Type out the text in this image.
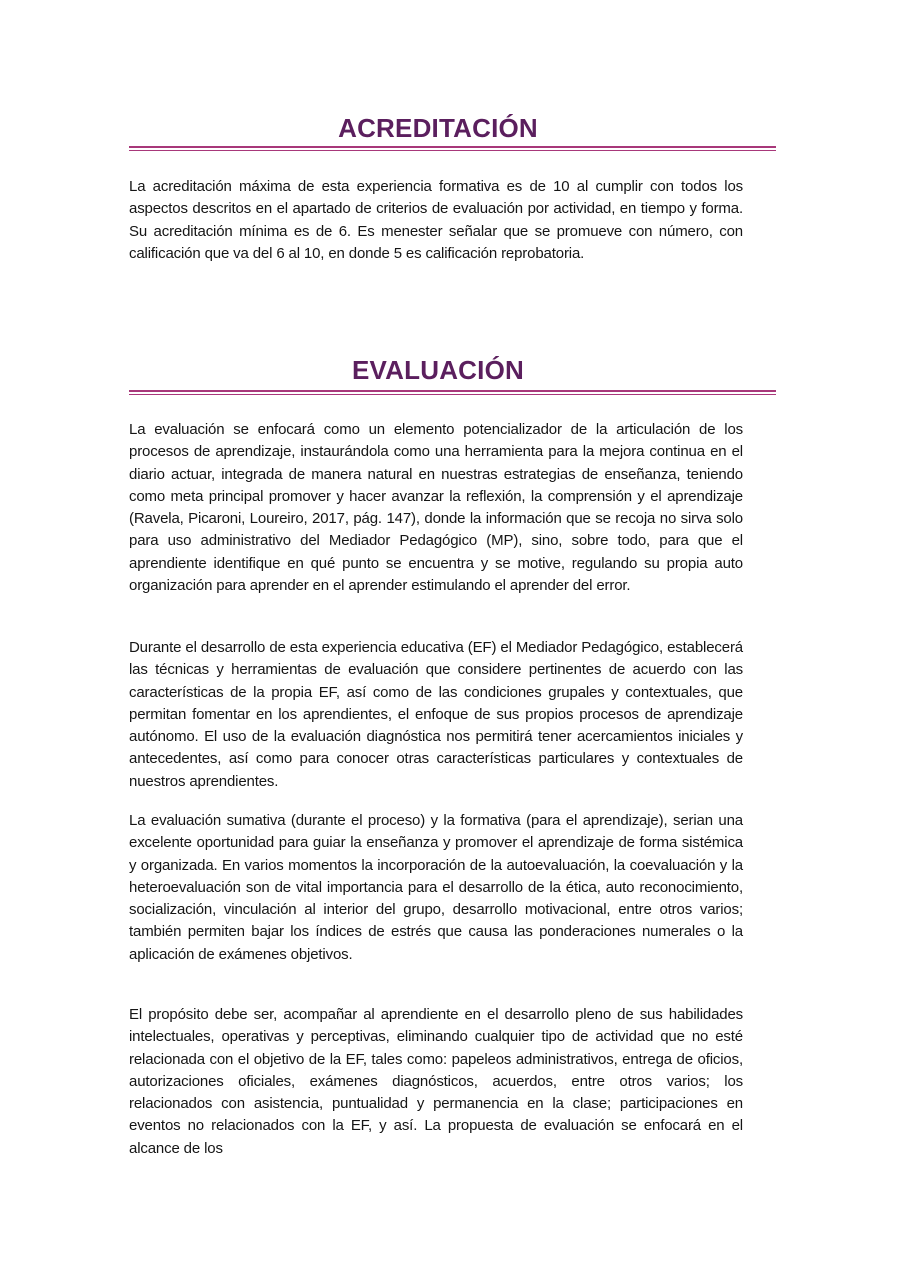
ACREDITACIÓN

La acreditación máxima de esta experiencia formativa es de 10 al cumplir con todos los aspectos descritos en el apartado de criterios de evaluación por actividad, en tiempo y forma. Su acreditación mínima es de 6. Es menester señalar que se promueve con número, con calificación que va del 6 al 10, en donde 5 es calificación reprobatoria.

EVALUACIÓN

La evaluación se enfocará como un elemento potencializador de la articulación de los procesos de aprendizaje, instaurándola como una herramienta para la mejora continua en el diario actuar, integrada de manera natural en nuestras estrategias de enseñanza, teniendo como meta principal promover y hacer avanzar la reflexión, la comprensión y el aprendizaje (Ravela, Picaroni, Loureiro, 2017, pág. 147), donde la información que se recoja no sirva solo para uso administrativo del Mediador Pedagógico (MP), sino, sobre todo, para que el aprendiente identifique en qué punto se encuentra y se motive, regulando su propia auto organización para aprender en el aprender estimulando el aprender del error.

Durante el desarrollo de esta experiencia educativa (EF) el Mediador Pedagógico, establecerá las técnicas y herramientas de evaluación que considere pertinentes de acuerdo con las características de la propia EF, así como de las condiciones grupales y contextuales, que permitan fomentar en los aprendientes, el enfoque de sus propios procesos de aprendizaje autónomo. El uso de la evaluación diagnóstica nos permitirá tener acercamientos iniciales y antecedentes, así como para conocer otras características particulares y contextuales de nuestros aprendientes.

La evaluación sumativa (durante el proceso) y la formativa (para el aprendizaje), serian una excelente oportunidad para guiar la enseñanza y promover el aprendizaje de forma sistémica y organizada. En varios momentos la incorporación de la autoevaluación, la coevaluación y la heteroevaluación son de vital importancia para el desarrollo de la ética, auto reconocimiento, socialización, vinculación al interior del grupo, desarrollo motivacional, entre otros varios; también permiten bajar los índices de estrés que causa las ponderaciones numerales o la aplicación de exámenes objetivos.

El propósito debe ser, acompañar al aprendiente en el desarrollo pleno de sus habilidades intelectuales, operativas y perceptivas, eliminando cualquier tipo de actividad que no esté relacionada con el objetivo de la EF, tales como: papeleos administrativos, entrega de oficios, autorizaciones oficiales, exámenes diagnósticos, acuerdos, entre otros varios; los relacionados con asistencia, puntualidad y permanencia en la clase; participaciones en eventos no relacionados con la EF, y así. La propuesta de evaluación se enfocará en el alcance de los
